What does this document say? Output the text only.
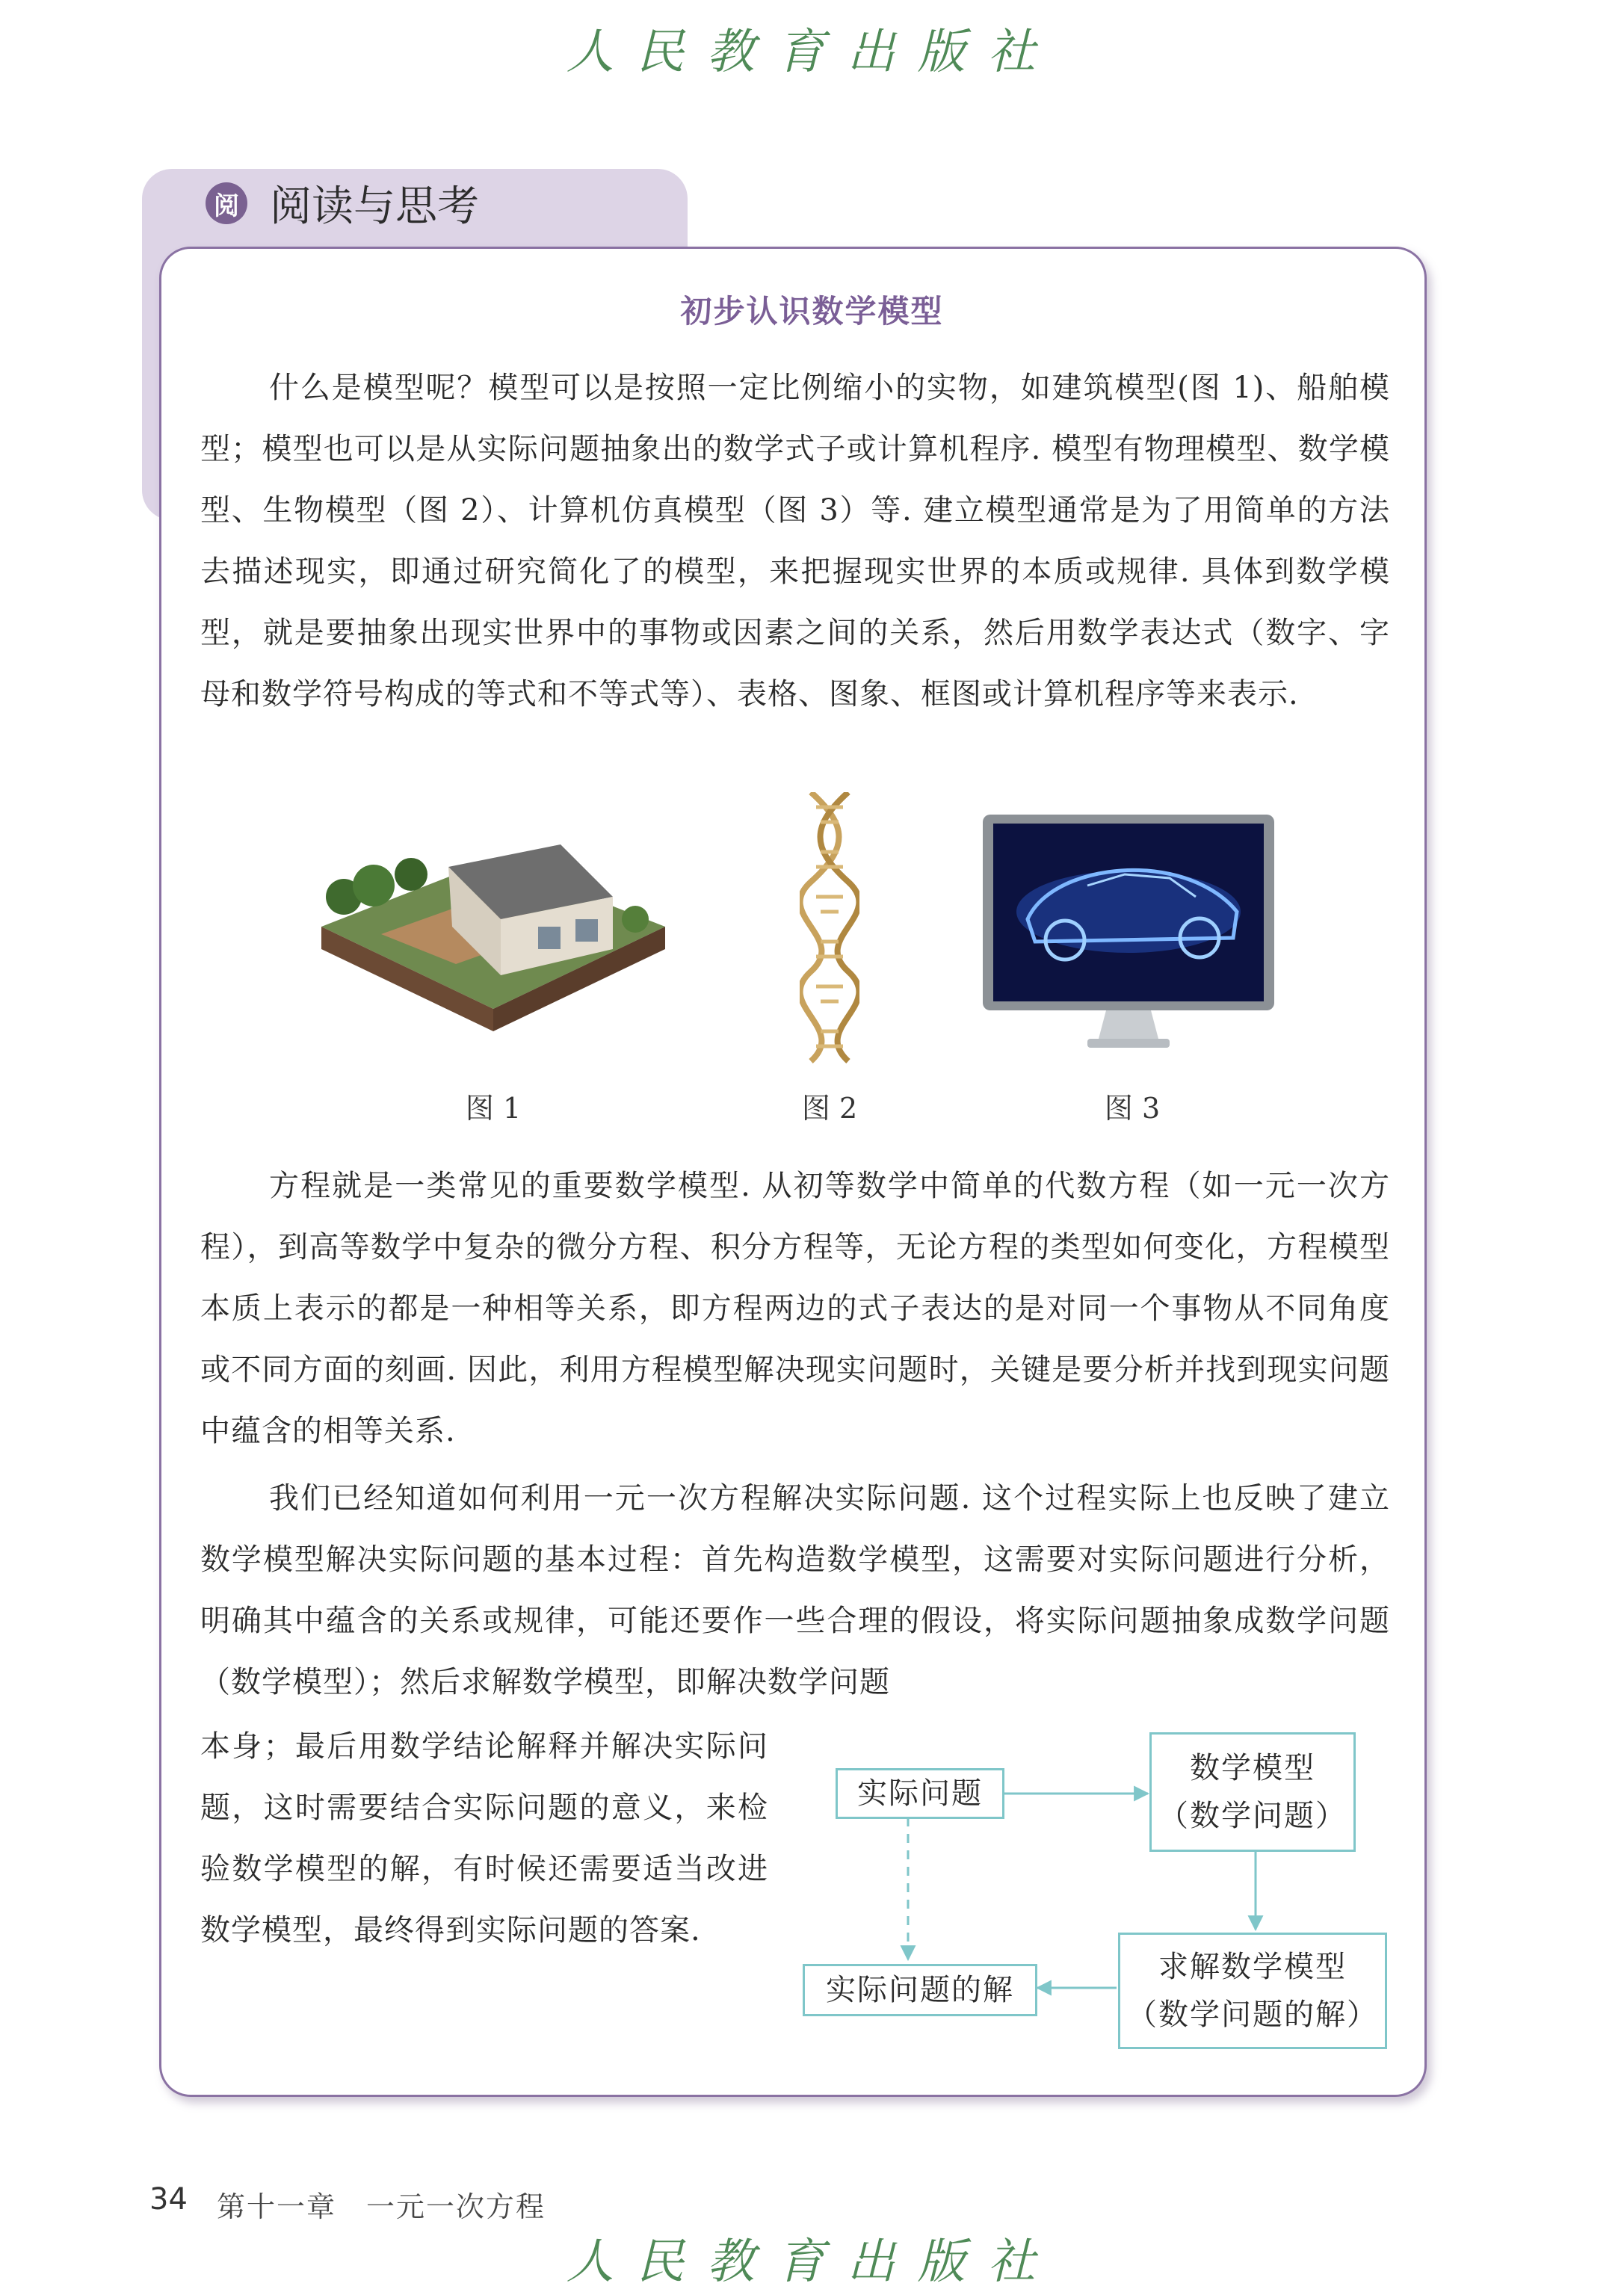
人民教育出版社
阅 阅读与思考
初步认识数学模型

什么是模型呢？模型可以是按照一定比例缩小的实物，如建筑模型(图 1)、船舶模型；模型也可以是从实际问题抽象出的数学式子或计算机程序. 模型有物理模型、数学模型、生物模型（图 2）、计算机仿真模型（图 3）等. 建立模型通常是为了用简单的方法去描述现实，即通过研究简化了的模型，来把握现实世界的本质或规律. 具体到数学模型，就是要抽象出现实世界中的事物或因素之间的关系，然后用数学表达式（数字、字母和数学符号构成的等式和不等式等）、表格、图象、框图或计算机程序等来表示.

图 1	图 2	图 3

方程就是一类常见的重要数学模型. 从初等数学中简单的代数方程（如一元一次方程），到高等数学中复杂的微分方程、积分方程等，无论方程的类型如何变化，方程模型本质上表示的都是一种相等关系，即方程两边的式子表达的是对同一个事物从不同角度或不同方面的刻画. 因此，利用方程模型解决现实问题时，关键是要分析并找到现实问题中蕴含的相等关系.

我们已经知道如何利用一元一次方程解决实际问题. 这个过程实际上也反映了建立数学模型解决实际问题的基本过程：首先构造数学模型，这需要对实际问题进行分析，明确其中蕴含的关系或规律，可能还要作一些合理的假设，将实际问题抽象成数学问题（数学模型）；然后求解数学模型，即解决数学问题

本身；最后用数学结论解释并解决实际问题，这时需要结合实际问题的意义，来检验数学模型的解，有时候还需要适当改进数学模型，最终得到实际问题的答案.

实际问题
数学模型
（数学问题）
求解数学模型
（数学问题的解）
实际问题的解
34 第十一章　一元一次方程
人民教育出版社
